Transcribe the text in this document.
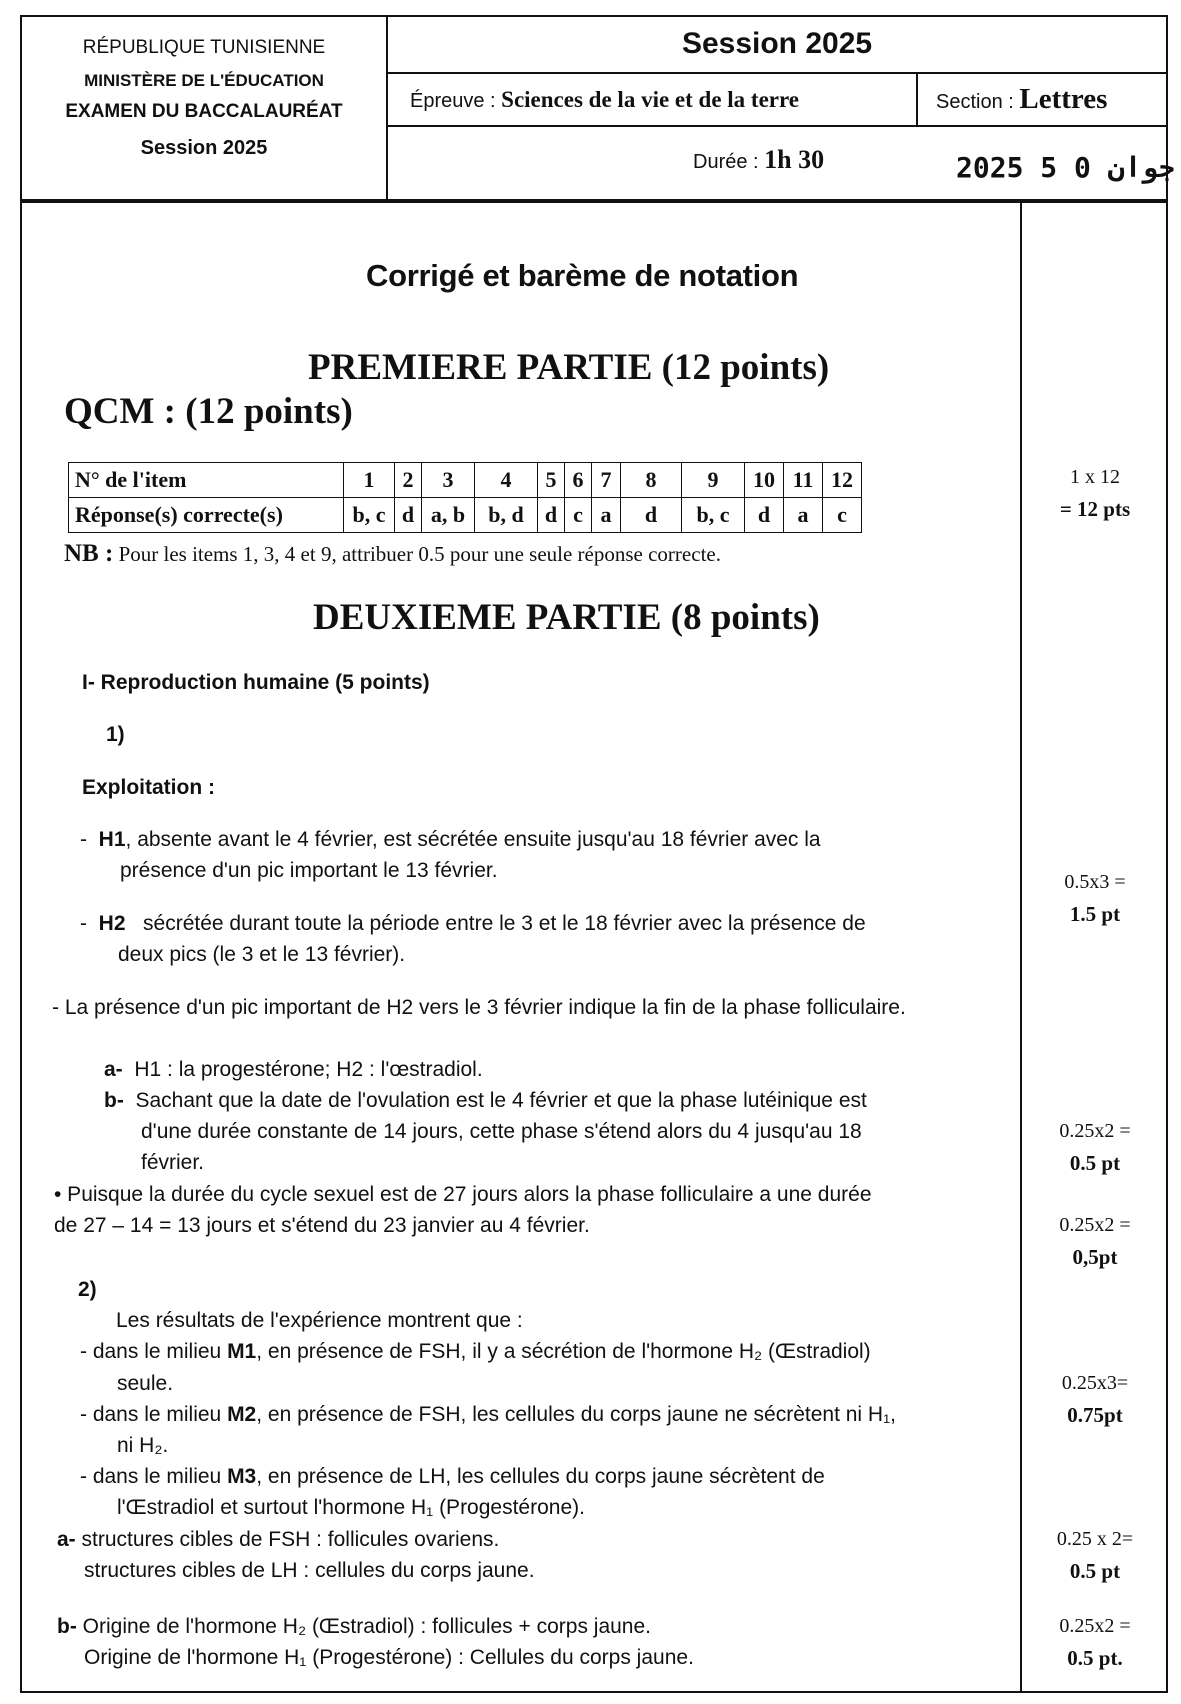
RÉPUBLIQUE TUNISIENNE
MINISTÈRE DE L'ÉDUCATION
EXAMEN DU BACCALAURÉAT
Session 2025
Session 2025
Épreuve : Sciences de la vie et de la terre	Section : Lettres
Durée : 1h 30	2025 جوان 0 5
Corrigé et barème de notation
PREMIERE PARTIE (12 points)
QCM : (12 points)
N° de l'item	1	2	3	4	5	6	7	8	9	10	11	12
Réponse(s) correcte(s)	b, c	d	a, b	b, d	d	c	a	d	b, c	d	a	c
NB : Pour les items 1, 3, 4 et 9, attribuer 0.5 pour une seule réponse correcte.
1 x 12
= 12 pts
DEUXIEME PARTIE (8 points)
I- Reproduction humaine (5 points)
1)
Exploitation :
-  H1, absente avant le 4 février, est sécrétée ensuite jusqu'au 18 février avec la
présence d'un pic important le 13 février.
-  H2 sécrétée durant toute la période entre le 3 et le 18 février avec la présence de
deux pics (le 3 et le 13 février).
- La présence d'un pic important de H2 vers le 3 février indique la fin de la phase folliculaire.
a- H1 : la progestérone; H2 : l'œstradiol.
b- Sachant que la date de l'ovulation est le 4 février et que la phase lutéinique est
d'une durée constante de 14 jours, cette phase s'étend alors du 4 jusqu'au 18
février.
• Puisque la durée du cycle sexuel est de 27 jours alors la phase folliculaire a une durée
de 27 – 14 = 13 jours et s'étend du 23 janvier au 4 février.
2)
Les résultats de l'expérience montrent que :
- dans le milieu M1, en présence de FSH, il y a sécrétion de l'hormone H₂ (Œstradiol)
seule.
- dans le milieu M2, en présence de FSH, les cellules du corps jaune ne sécrètent ni H₁,
ni H₂.
- dans le milieu M3, en présence de LH, les cellules du corps jaune sécrètent de
l'Œstradiol et surtout l'hormone H₁ (Progestérone).
a- structures cibles de FSH : follicules ovariens.
structures cibles de LH : cellules du corps jaune.
b- Origine de l'hormone H₂ (Œstradiol) : follicules + corps jaune.
Origine de l'hormone H₁ (Progestérone) : Cellules du corps jaune.
0.5x3 =
1.5 pt
0.25x2 =
0.5 pt
0.25x2 =
0,5pt
0.25x3=
0.75pt
0.25 x 2=
0.5 pt
0.25x2 =
0.5 pt.
